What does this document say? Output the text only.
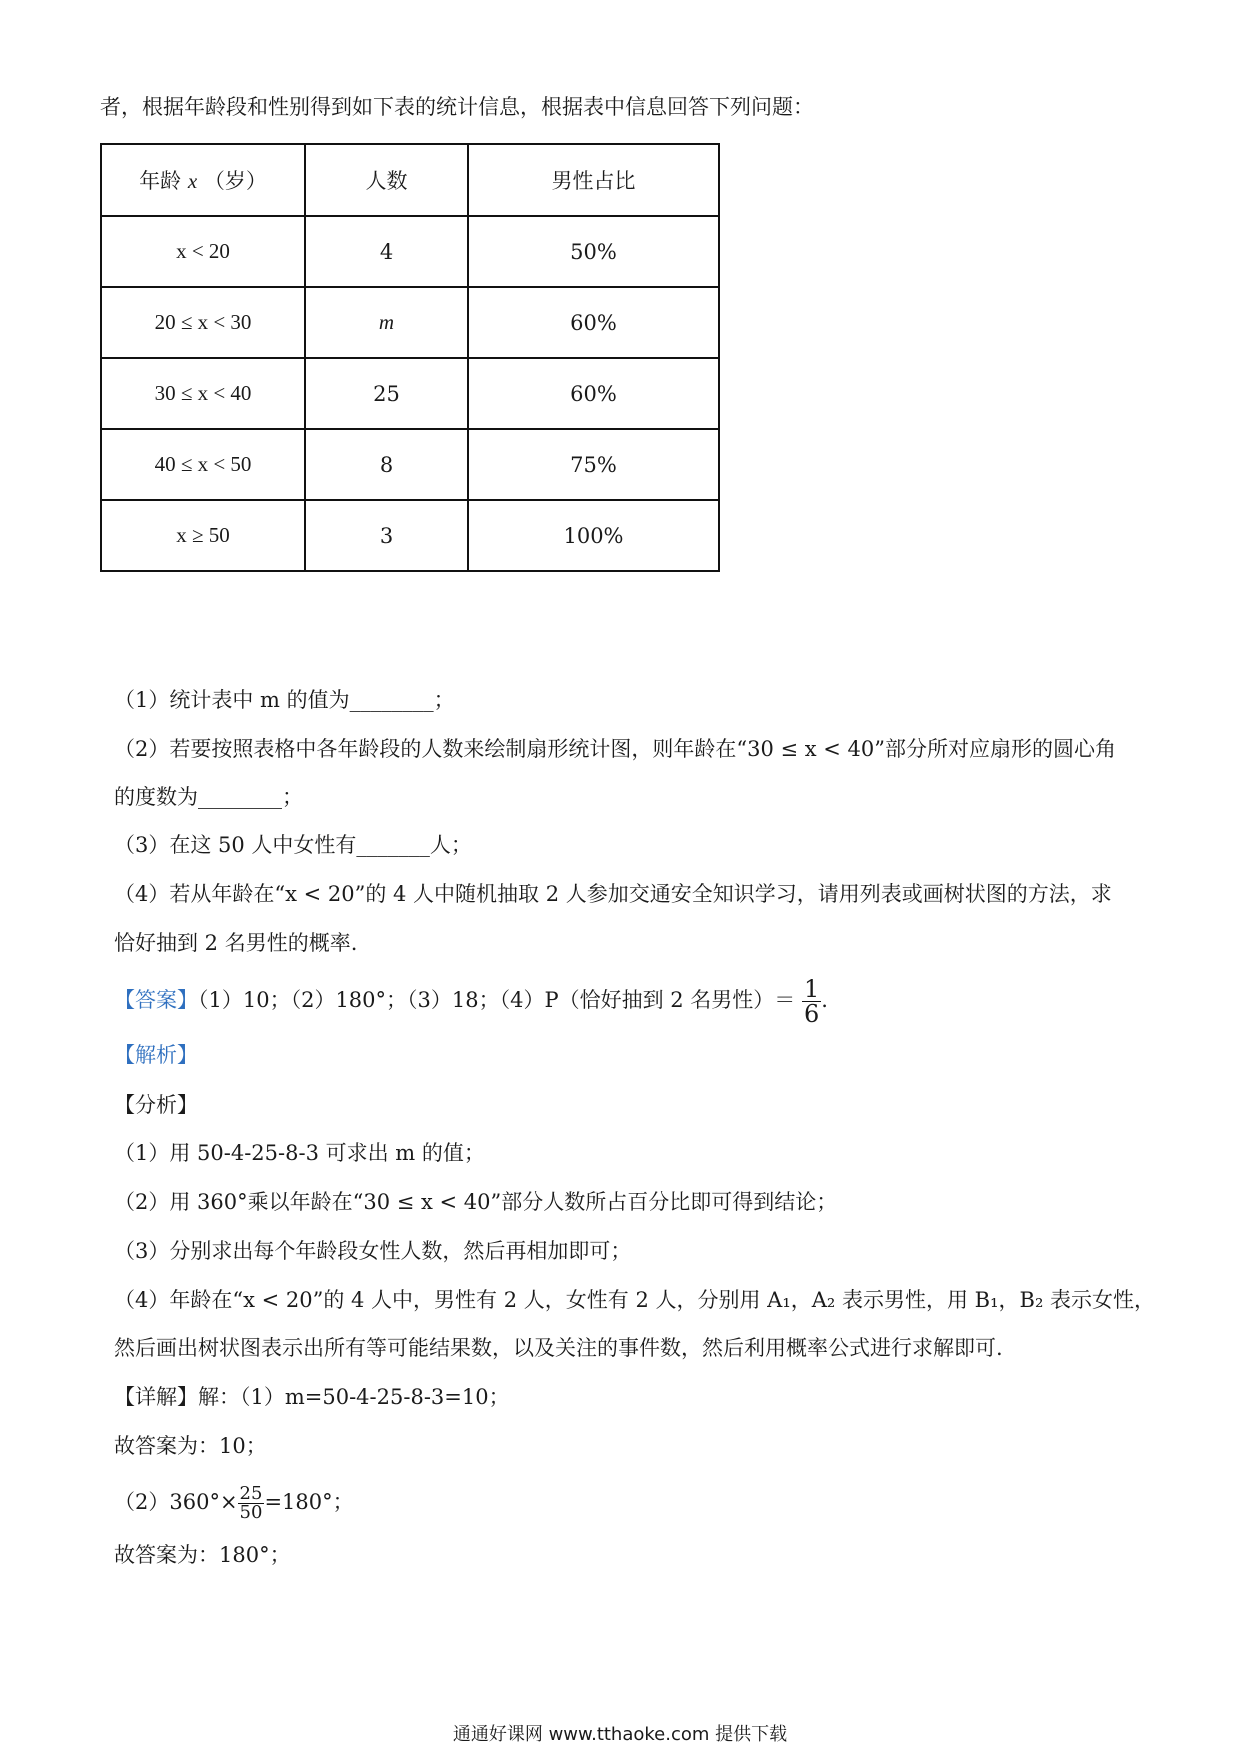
者，根据年龄段和性别得到如下表的统计信息，根据表中信息回答下列问题：
年龄 x （岁）	人数	男性占比
x < 20	4	50%
20 ≤ x < 30	m	60%
30 ≤ x < 40	25	60%
40 ≤ x < 50	8	75%
x ≥ 50	3	100%
（1）统计表中 m 的值为________；
（2）若要按照表格中各年龄段的人数来绘制扇形统计图，则年龄在“30 ≤ x < 40”部分所对应扇形的圆心角
的度数为________；
（3）在这 50 人中女性有_______人；
（4）若从年龄在“x < 20”的 4 人中随机抽取 2 人参加交通安全知识学习，请用列表或画树状图的方法，求
恰好抽到 2 名男性的概率.
【答案】（1）10；（2）180°；（3）18；（4）P（恰好抽到 2 名男性）＝ $\frac{1}{6}$ .
【解析】
【分析】
（1）用 50-4-25-8-3 可求出 m 的值；
（2）用 360°乘以年龄在“30 ≤ x < 40”部分人数所占百分比即可得到结论；
（3）分别求出每个年龄段女性人数，然后再相加即可；
（4）年龄在“x < 20”的 4 人中，男性有 2 人，女性有 2 人，分别用 A₁，A₂ 表示男性，用 B₁，B₂ 表示女性，
然后画出树状图表示出所有等可能结果数，以及关注的事件数，然后利用概率公式进行求解即可.
【详解】解：（1）m=50-4-25-8-3=10；
故答案为：10；
$(2)360^\circ\times \frac{25}{50} =180^\circ$；
故答案为：180°；
通通好课网 www.tthaoke.com 提供下载
